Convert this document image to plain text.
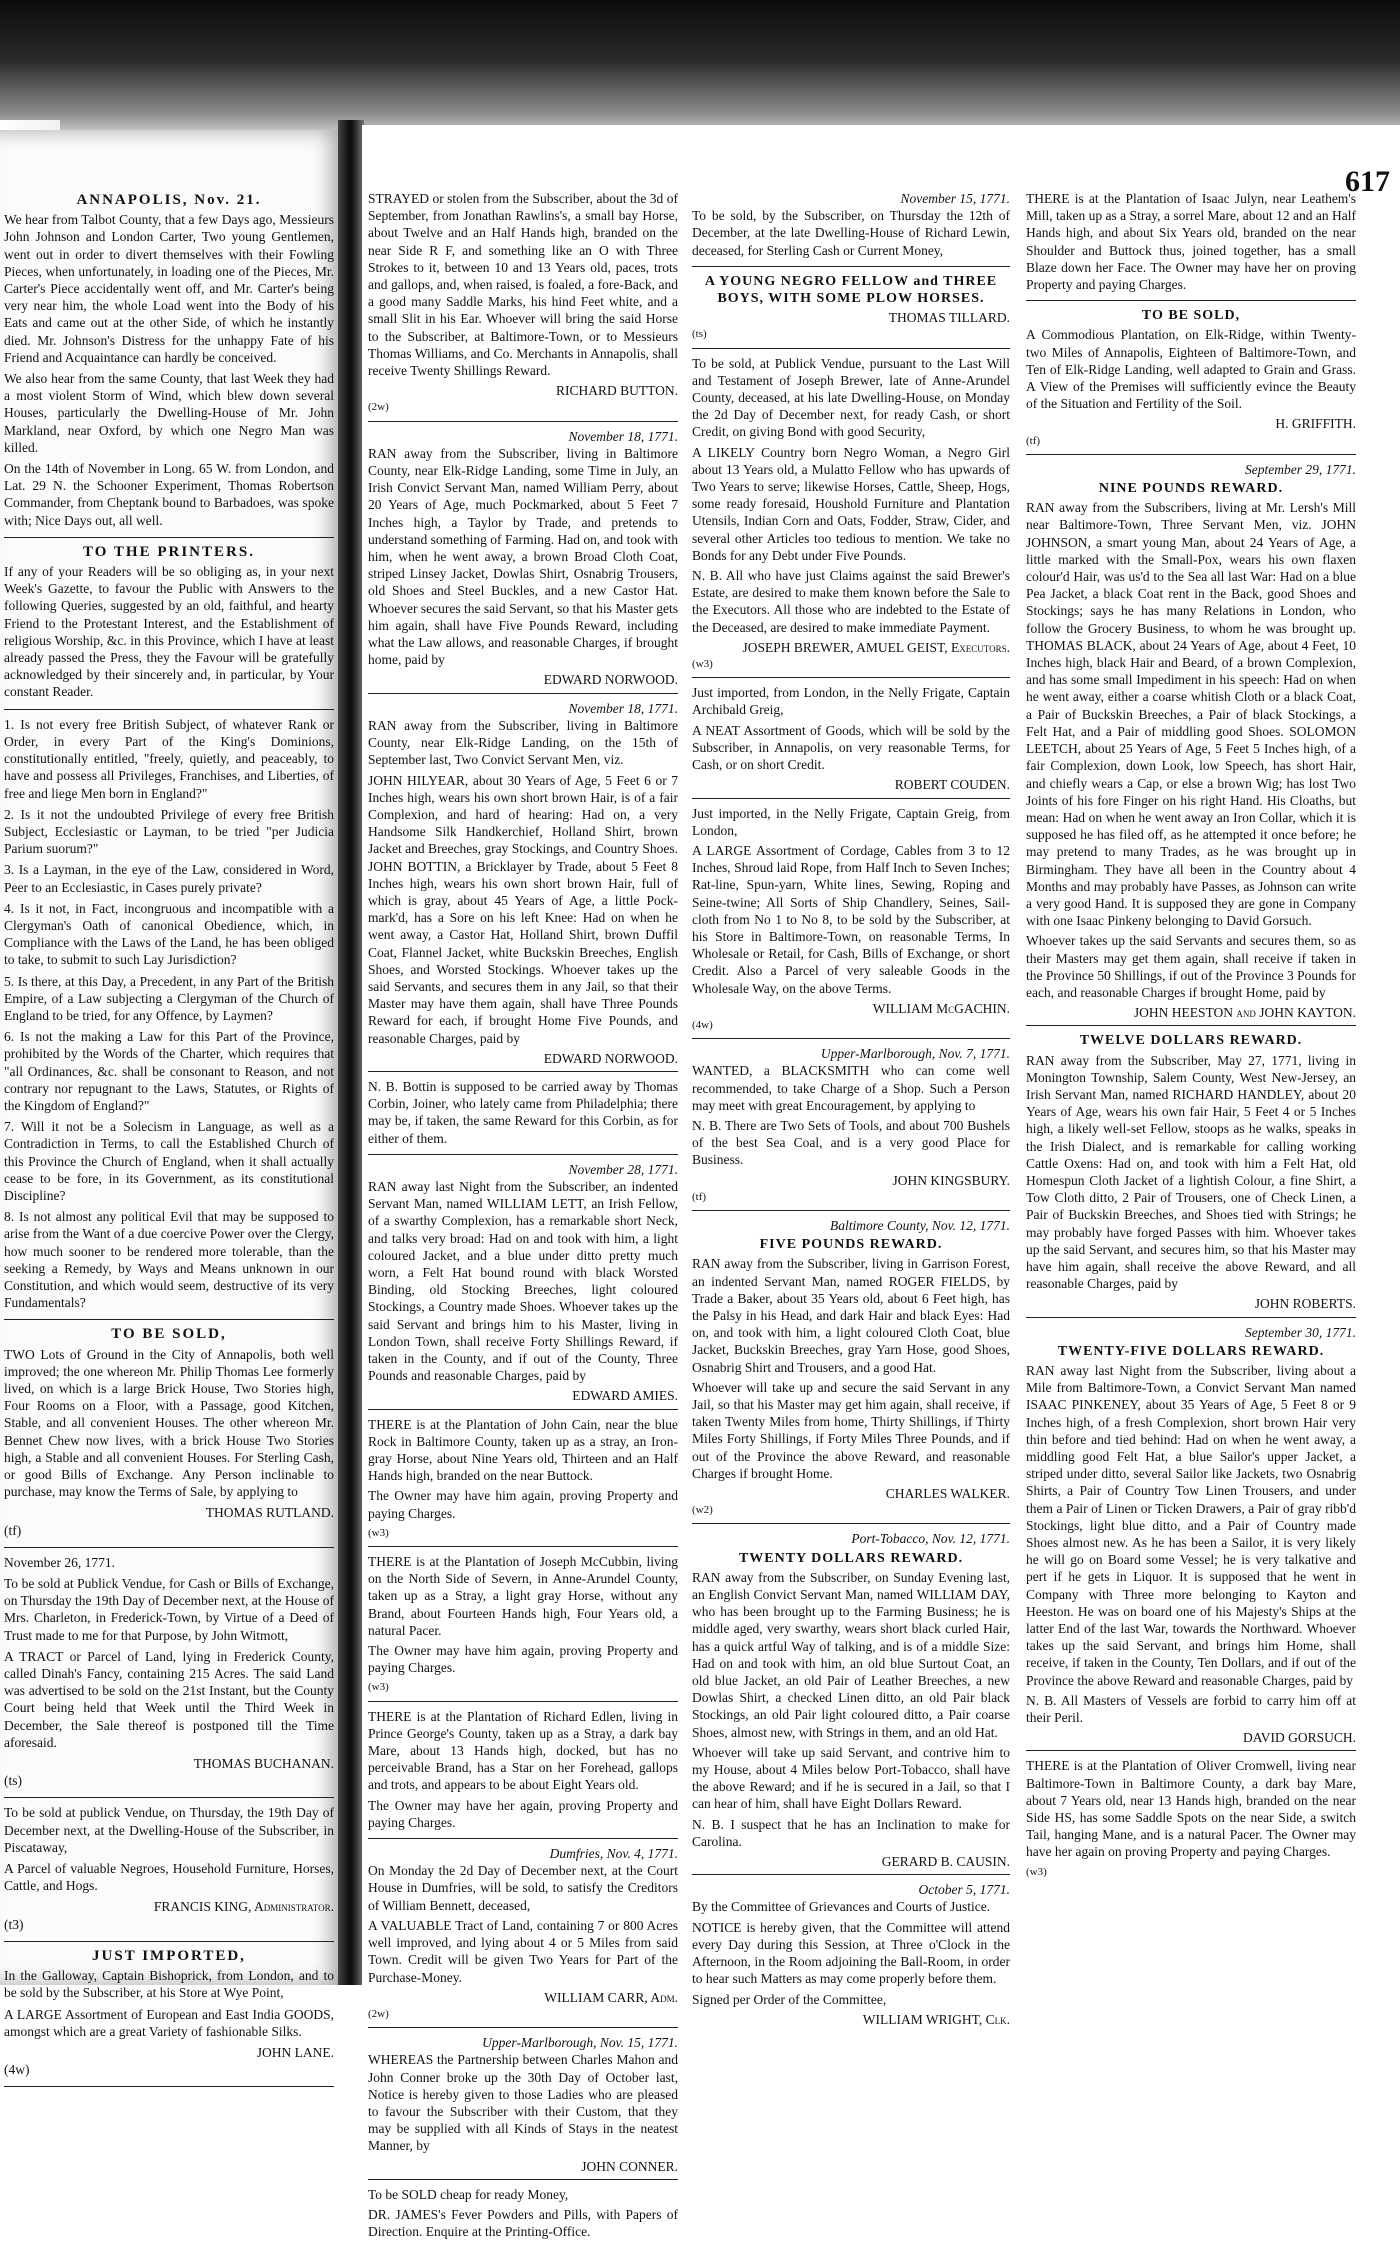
ANNAPOLIS, Nov. 21.

We hear from Talbot County, that a few Days ago, Messieurs John Johnson and London Carter, Two young Gentlemen, went out in order to divert themselves with their Fowling Pieces, when unfortunately, in loading one of the Pieces, Mr. Carter's Piece accidentally went off, and Mr. Carter's being very near him, the whole Load went into the Body of his Eats and came out at the other Side, of which he instantly died. Mr. Johnson's Distress for the unhappy Fate of his Friend and Acquaintance can hardly be conceived.

We also hear from the same County, that last Week they had a most violent Storm of Wind, which blew down several Houses, particularly the Dwelling-House of Mr. John Markland, near Oxford, by which one Negro Man was killed.

On the 14th of November in Long. 65 W. from London, and Lat. 29 N. the Schooner Experiment, Thomas Robertson Commander, from Cheptank bound to Barbadoes, was spoke with; Nice Days out, all well.

TO THE PRINTERS.

If any of your Readers will be so obliging as, in your next Week's Gazette, to favour the Public with Answers to the following Queries, suggested by an old, faithful, and hearty Friend to the Protestant Interest, and the Establishment of religious Worship, &c. in this Province, which I have at least already passed the Press, they the Favour will be gratefully acknowledged by their sincerely and, in particular, by Your constant Reader.

1. Is not every free British Subject, of whatever Rank or Order, in every Part of the King's Dominions, constitutionally entitled, "freely, quietly, and peaceably, to have and possess all Privileges, Franchises, and Liberties, of free and liege Men born in England?"

2. Is it not the undoubted Privilege of every free British Subject, Ecclesiastic or Layman, to be tried "per Judicia Parium suorum?"

3. Is a Layman, in the eye of the Law, considered in Word, Peer to an Ecclesiastic, in Cases purely private?

4. Is it not, in Fact, incongruous and incompatible with a Clergyman's Oath of canonical Obedience, which, in Compliance with the Laws of the Land, he has been obliged to take, to submit to such Lay Jurisdiction?

5. Is there, at this Day, a Precedent, in any Part of the British Empire, of a Law subjecting a Clergyman of the Church of England to be tried, for any Offence, by Laymen?

6. Is not the making a Law for this Part of the Province, prohibited by the Words of the Charter, which requires that "all Ordinances, &c. shall be consonant to Reason, and not contrary nor repugnant to the Laws, Statutes, or Rights of the Kingdom of England?"

7. Will it not be a Solecism in Language, as well as a Contradiction in Terms, to call the Established Church of this Province the Church of England, when it shall actually cease to be fore, in its Government, as its constitutional Discipline?

8. Is not almost any political Evil that may be supposed to arise from the Want of a due coercive Power over the Clergy, how much sooner to be rendered more tolerable, than the seeking a Remedy, by Ways and Means unknown in our Constitution, and which would seem, destructive of its very Fundamentals?

TO BE SOLD,

TWO Lots of Ground in the City of Annapolis, both well improved; the one whereon Mr. Philip Thomas Lee formerly lived, on which is a large Brick House, Two Stories high, Four Rooms on a Floor, with a Passage, good Kitchen, Stable, and all convenient Houses. The other whereon Mr. Bennet Chew now lives, with a brick House Two Stories high, a Stable and all convenient Houses. For Sterling Cash, or good Bills of Exchange. Any Person inclinable to purchase, may know the Terms of Sale, by applying to

THOMAS RUTLAND.

(tf)

November 26, 1771.

To be sold at Publick Vendue, for Cash or Bills of Exchange, on Thursday the 19th Day of December next, at the House of Mrs. Charleton, in Frederick-Town, by Virtue of a Deed of Trust made to me for that Purpose, by John Witmott,

A TRACT or Parcel of Land, lying in Frederick County, called Dinah's Fancy, containing 215 Acres. The said Land was advertised to be sold on the 21st Instant, but the County Court being held that Week until the Third Week in December, the Sale thereof is postponed till the Time aforesaid.

THOMAS BUCHANAN.

(ts)

To be sold at publick Vendue, on Thursday, the 19th Day of December next, at the Dwelling-House of the Subscriber, in Piscataway,

A Parcel of valuable Negroes, Household Furniture, Horses, Cattle, and Hogs.

FRANCIS KING, Administrator.

(t3)

JUST IMPORTED,

In the Galloway, Captain Bishoprick, from London, and to be sold by the Subscriber, at his Store at Wye Point,

A LARGE Assortment of European and East India GOODS, amongst which are a great Variety of fashionable Silks.

JOHN LANE.

(4w)

617

STRAYED or stolen from the Subscriber, about the 3d of September, from Jonathan Rawlins's, a small bay Horse, about Twelve and an Half Hands high, branded on the near Side R F, and something like an O with Three Strokes to it, between 10 and 13 Years old, paces, trots and gallops, and, when raised, is foaled, a fore-Back, and a good many Saddle Marks, his hind Feet white, and a small Slit in his Ear. Whoever will bring the said Horse to the Subscriber, at Baltimore-Town, or to Messieurs Thomas Williams, and Co. Merchants in Annapolis, shall receive Twenty Shillings Reward.

RICHARD BUTTON.

(2w)

November 18, 1771.

RAN away from the Subscriber, living in Baltimore County, near Elk-Ridge Landing, some Time in July, an Irish Convict Servant Man, named William Perry, about 20 Years of Age, much Pockmarked, about 5 Feet 7 Inches high, a Taylor by Trade, and pretends to understand something of Farming. Had on, and took with him, when he went away, a brown Broad Cloth Coat, striped Linsey Jacket, Dowlas Shirt, Osnabrig Trousers, old Shoes and Steel Buckles, and a new Castor Hat. Whoever secures the said Servant, so that his Master gets him again, shall have Five Pounds Reward, including what the Law allows, and reasonable Charges, if brought home, paid by

EDWARD NORWOOD.

November 18, 1771.

RAN away from the Subscriber, living in Baltimore County, near Elk-Ridge Landing, on the 15th of September last, Two Convict Servant Men, viz.

JOHN HILYEAR, about 30 Years of Age, 5 Feet 6 or 7 Inches high, wears his own short brown Hair, is of a fair Complexion, and hard of hearing: Had on, a very Handsome Silk Handkerchief, Holland Shirt, brown Jacket and Breeches, gray Stockings, and Country Shoes. JOHN BOTTIN, a Bricklayer by Trade, about 5 Feet 8 Inches high, wears his own short brown Hair, full of which is gray, about 45 Years of Age, a little Pock-mark'd, has a Sore on his left Knee: Had on when he went away, a Castor Hat, Holland Shirt, brown Duffil Coat, Flannel Jacket, white Buckskin Breeches, English Shoes, and Worsted Stockings. Whoever takes up the said Servants, and secures them in any Jail, so that their Master may have them again, shall have Three Pounds Reward for each, if brought Home Five Pounds, and reasonable Charges, paid by

EDWARD NORWOOD.

N. B. Bottin is supposed to be carried away by Thomas Corbin, Joiner, who lately came from Philadelphia; there may be, if taken, the same Reward for this Corbin, as for either of them.

November 28, 1771.

RAN away last Night from the Subscriber, an indented Servant Man, named WILLIAM LETT, an Irish Fellow, of a swarthy Complexion, has a remarkable short Neck, and talks very broad: Had on and took with him, a light coloured Jacket, and a blue under ditto pretty much worn, a Felt Hat bound round with black Worsted Binding, old Stocking Breeches, light coloured Stockings, a Country made Shoes. Whoever takes up the said Servant and brings him to his Master, living in London Town, shall receive Forty Shillings Reward, if taken in the County, and if out of the County, Three Pounds and reasonable Charges, paid by

EDWARD AMIES.

THERE is at the Plantation of John Cain, near the blue Rock in Baltimore County, taken up as a stray, an Iron-gray Horse, about Nine Years old, Thirteen and an Half Hands high, branded on the near Buttock.

The Owner may have him again, proving Property and paying Charges.

(w3)

THERE is at the Plantation of Joseph McCubbin, living on the North Side of Severn, in Anne-Arundel County, taken up as a Stray, a light gray Horse, without any Brand, about Fourteen Hands high, Four Years old, a natural Pacer.

The Owner may have him again, proving Property and paying Charges.

(w3)

THERE is at the Plantation of Richard Edlen, living in Prince George's County, taken up as a Stray, a dark bay Mare, about 13 Hands high, docked, but has no perceivable Brand, has a Star on her Forehead, gallops and trots, and appears to be about Eight Years old.

The Owner may have her again, proving Property and paying Charges.

Dumfries, Nov. 4, 1771.

On Monday the 2d Day of December next, at the Court House in Dumfries, will be sold, to satisfy the Creditors of William Bennett, deceased,

A VALUABLE Tract of Land, containing 7 or 800 Acres well improved, and lying about 4 or 5 Miles from said Town. Credit will be given Two Years for Part of the Purchase-Money.

WILLIAM CARR, Adm.

(2w)

Upper-Marlborough, Nov. 15, 1771.

WHEREAS the Partnership between Charles Mahon and John Conner broke up the 30th Day of October last, Notice is hereby given to those Ladies who are pleased to favour the Subscriber with their Custom, that they may be supplied with all Kinds of Stays in the neatest Manner, by

JOHN CONNER.

To be SOLD cheap for ready Money,

DR. JAMES's Fever Powders and Pills, with Papers of Direction. Enquire at the Printing-Office.

November 15, 1771.

To be sold, by the Subscriber, on Thursday the 12th of December, at the late Dwelling-House of Richard Lewin, deceased, for Sterling Cash or Current Money,

A YOUNG NEGRO FELLOW and THREE BOYS, WITH SOME PLOW HORSES.

THOMAS TILLARD.

(ts)

To be sold, at Publick Vendue, pursuant to the Last Will and Testament of Joseph Brewer, late of Anne-Arundel County, deceased, at his late Dwelling-House, on Monday the 2d Day of December next, for ready Cash, or short Credit, on giving Bond with good Security,

A LIKELY Country born Negro Woman, a Negro Girl about 13 Years old, a Mulatto Fellow who has upwards of Two Years to serve; likewise Horses, Cattle, Sheep, Hogs, some ready foresaid, Houshold Furniture and Plantation Utensils, Indian Corn and Oats, Fodder, Straw, Cider, and several other Articles too tedious to mention. We take no Bonds for any Debt under Five Pounds.

N. B. All who have just Claims against the said Brewer's Estate, are desired to make them known before the Sale to the Executors. All those who are indebted to the Estate of the Deceased, are desired to make immediate Payment.

JOSEPH BREWER, AMUEL GEIST, Executors.

(w3)

Just imported, from London, in the Nelly Frigate, Captain Archibald Greig,

A NEAT Assortment of Goods, which will be sold by the Subscriber, in Annapolis, on very reasonable Terms, for Cash, or on short Credit.

ROBERT COUDEN.

Just imported, in the Nelly Frigate, Captain Greig, from London,

A LARGE Assortment of Cordage, Cables from 3 to 12 Inches, Shroud laid Rope, from Half Inch to Seven Inches; Rat-line, Spun-yarn, White lines, Sewing, Roping and Seine-twine; All Sorts of Ship Chandlery, Seines, Sail-cloth from No 1 to No 8, to be sold by the Subscriber, at his Store in Baltimore-Town, on reasonable Terms, In Wholesale or Retail, for Cash, Bills of Exchange, or short Credit. Also a Parcel of very saleable Goods in the Wholesale Way, on the above Terms.

WILLIAM McGACHIN.

(4w)

Upper-Marlborough, Nov. 7, 1771.

WANTED, a BLACKSMITH who can come well recommended, to take Charge of a Shop. Such a Person may meet with great Encouragement, by applying to

N. B. There are Two Sets of Tools, and about 700 Bushels of the best Sea Coal, and is a very good Place for Business.

JOHN KINGSBURY.

(tf)

Baltimore County, Nov. 12, 1771.

FIVE POUNDS REWARD.

RAN away from the Subscriber, living in Garrison Forest, an indented Servant Man, named ROGER FIELDS, by Trade a Baker, about 35 Years old, about 6 Feet high, has the Palsy in his Head, and dark Hair and black Eyes: Had on, and took with him, a light coloured Cloth Coat, blue Jacket, Buckskin Breeches, gray Yarn Hose, good Shoes, Osnabrig Shirt and Trousers, and a good Hat.

Whoever will take up and secure the said Servant in any Jail, so that his Master may get him again, shall receive, if taken Twenty Miles from home, Thirty Shillings, if Thirty Miles Forty Shillings, if Forty Miles Three Pounds, and if out of the Province the above Reward, and reasonable Charges if brought Home.

CHARLES WALKER.

(w2)

Port-Tobacco, Nov. 12, 1771.

TWENTY DOLLARS REWARD.

RAN away from the Subscriber, on Sunday Evening last, an English Convict Servant Man, named WILLIAM DAY, who has been brought up to the Farming Business; he is middle aged, very swarthy, wears short black curled Hair, has a quick artful Way of talking, and is of a middle Size: Had on and took with him, an old blue Surtout Coat, an old blue Jacket, an old Pair of Leather Breeches, a new Dowlas Shirt, a checked Linen ditto, an old Pair black Stockings, an old Pair light coloured ditto, a Pair coarse Shoes, almost new, with Strings in them, and an old Hat.

Whoever will take up said Servant, and contrive him to my House, about 4 Miles below Port-Tobacco, shall have the above Reward; and if he is secured in a Jail, so that I can hear of him, shall have Eight Dollars Reward.

N. B. I suspect that he has an Inclination to make for Carolina.

GERARD B. CAUSIN.

October 5, 1771.

By the Committee of Grievances and Courts of Justice.

NOTICE is hereby given, that the Committee will attend every Day during this Session, at Three o'Clock in the Afternoon, in the Room adjoining the Ball-Room, in order to hear such Matters as may come properly before them.

Signed per Order of the Committee,

WILLIAM WRIGHT, Clk.

THERE is at the Plantation of Isaac Julyn, near Leathem's Mill, taken up as a Stray, a sorrel Mare, about 12 and an Half Hands high, and about Six Years old, branded on the near Shoulder and Buttock thus, joined together, has a small Blaze down her Face. The Owner may have her on proving Property and paying Charges.

TO BE SOLD,

A Commodious Plantation, on Elk-Ridge, within Twenty-two Miles of Annapolis, Eighteen of Baltimore-Town, and Ten of Elk-Ridge Landing, well adapted to Grain and Grass. A View of the Premises will sufficiently evince the Beauty of the Situation and Fertility of the Soil.

H. GRIFFITH.

(tf)

September 29, 1771.

NINE POUNDS REWARD.

RAN away from the Subscribers, living at Mr. Lersh's Mill near Baltimore-Town, Three Servant Men, viz. JOHN JOHNSON, a smart young Man, about 24 Years of Age, a little marked with the Small-Pox, wears his own flaxen colour'd Hair, was us'd to the Sea all last War: Had on a blue Pea Jacket, a black Coat rent in the Back, good Shoes and Stockings; says he has many Relations in London, who follow the Grocery Business, to whom he was brought up. THOMAS BLACK, about 24 Years of Age, about 4 Feet, 10 Inches high, black Hair and Beard, of a brown Complexion, and has some small Impediment in his speech: Had on when he went away, either a coarse whitish Cloth or a black Coat, a Pair of Buckskin Breeches, a Pair of black Stockings, a Felt Hat, and a Pair of middling good Shoes. SOLOMON LEETCH, about 25 Years of Age, 5 Feet 5 Inches high, of a fair Complexion, down Look, low Speech, has short Hair, and chiefly wears a Cap, or else a brown Wig; has lost Two Joints of his fore Finger on his right Hand. His Cloaths, but mean: Had on when he went away an Iron Collar, which it is supposed he has filed off, as he attempted it once before; he may pretend to many Trades, as he was brought up in Birmingham. They have all been in the Country about 4 Months and may probably have Passes, as Johnson can write a very good Hand. It is supposed they are gone in Company with one Isaac Pinkeny belonging to David Gorsuch.

Whoever takes up the said Servants and secures them, so as their Masters may get them again, shall receive if taken in the Province 50 Shillings, if out of the Province 3 Pounds for each, and reasonable Charges if brought Home, paid by

JOHN HEESTON and JOHN KAYTON.

TWELVE DOLLARS REWARD.

RAN away from the Subscriber, May 27, 1771, living in Monington Township, Salem County, West New-Jersey, an Irish Servant Man, named RICHARD HANDLEY, about 20 Years of Age, wears his own fair Hair, 5 Feet 4 or 5 Inches high, a likely well-set Fellow, stoops as he walks, speaks in the Irish Dialect, and is remarkable for calling working Cattle Oxens: Had on, and took with him a Felt Hat, old Homespun Cloth Jacket of a lightish Colour, a fine Shirt, a Tow Cloth ditto, 2 Pair of Trousers, one of Check Linen, a Pair of Buckskin Breeches, and Shoes tied with Strings; he may probably have forged Passes with him. Whoever takes up the said Servant, and secures him, so that his Master may have him again, shall receive the above Reward, and all reasonable Charges, paid by

JOHN ROBERTS.

September 30, 1771.

TWENTY-FIVE DOLLARS REWARD.

RAN away last Night from the Subscriber, living about a Mile from Baltimore-Town, a Convict Servant Man named ISAAC PINKENEY, about 35 Years of Age, 5 Feet 8 or 9 Inches high, of a fresh Complexion, short brown Hair very thin before and tied behind: Had on when he went away, a middling good Felt Hat, a blue Sailor's upper Jacket, a striped under ditto, several Sailor like Jackets, two Osnabrig Shirts, a Pair of Country Tow Linen Trousers, and under them a Pair of Linen or Ticken Drawers, a Pair of gray ribb'd Stockings, light blue ditto, and a Pair of Country made Shoes almost new. As he has been a Sailor, it is very likely he will go on Board some Vessel; he is very talkative and pert if he gets in Liquor. It is supposed that he went in Company with Three more belonging to Kayton and Heeston. He was on board one of his Majesty's Ships at the latter End of the last War, towards the Northward. Whoever takes up the said Servant, and brings him Home, shall receive, if taken in the County, Ten Dollars, and if out of the Province the above Reward and reasonable Charges, paid by

N. B. All Masters of Vessels are forbid to carry him off at their Peril.

DAVID GORSUCH.

THERE is at the Plantation of Oliver Cromwell, living near Baltimore-Town in Baltimore County, a dark bay Mare, about 7 Years old, near 13 Hands high, branded on the near Side HS, has some Saddle Spots on the near Side, a switch Tail, hanging Mane, and is a natural Pacer. The Owner may have her again on proving Property and paying Charges.

(w3)
